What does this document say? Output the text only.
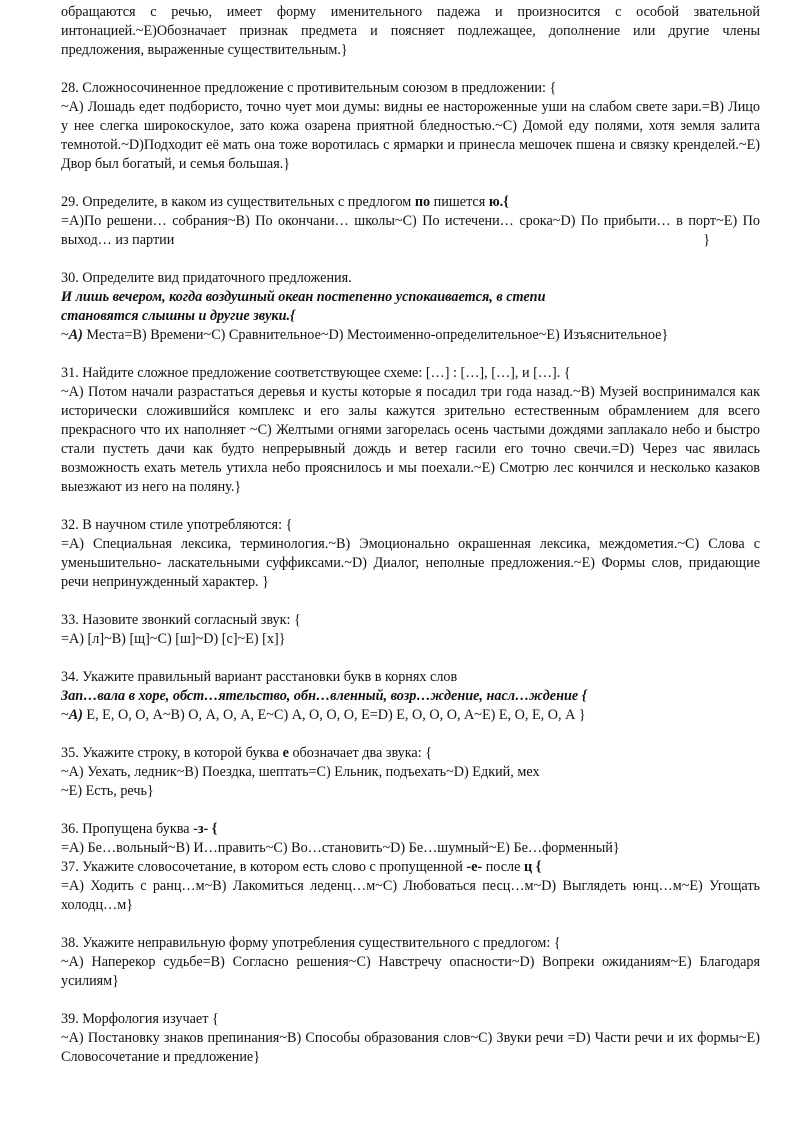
обращаются с речью, имеет форму именительного падежа и произносится с особой звательной интонацией.~E)Обозначает признак предмета и поясняет подлежащее, дополнение или другие члены предложения, выраженные существительным.}

28. Сложносочиненное предложение с противительным союзом в предложении: {

~A) Лошадь едет подбористо, точно чует мои думы: видны ее настороженные уши на слабом свете зари.=B) Лицо у нее слегка широкоскулое, зато кожа озарена приятной бледностью.~C) Домой еду полями, хотя земля залита темнотой.~D)Подходит её мать она тоже воротилась с ярмарки и принесла мешочек пшена и связку кренделей.~E) Двор был богатый, и семья большая.}

29. Определите, в каком из существительных с предлогом по пишется ю.{

=A)По решени… собрания~B) По окончани… школы~C) По истечени… срока~D) По прибыти… в порт~E) По выход… из партии	}

30. Определите вид придаточного предложения.

И лишь вечером, когда воздушный океан постепенно успокаивается, в степи

становятся слышны и другие звуки.{

~A) Места=B) Времени~C) Сравнительное~D) Местоименно-определительное~E) Изъяснительное}

31. Найдите сложное предложение соответствующее схеме: […] : […], […], и […]. {

~A) Потом начали разрастаться деревья и кусты которые я посадил три года назад.~B) Музей воспринимался как исторически сложившийся комплекс и его залы кажутся зрительно естественным обрамлением для всего прекрасного что их наполняет ~C) Желтыми огнями загорелась осень частыми дождями заплакало небо и быстро стали пустеть дачи как будто непрерывный дождь и ветер гасили его точно свечи.=D) Через час явилась возможность ехать метель утихла небо прояснилось и мы поехали.~E) Смотрю лес кончился и несколько казаков выезжают из него на поляну.}

32. В научном стиле употребляются: {

=A) Специальная лексика, терминология.~B) Эмоционально окрашенная лексика, междометия.~C) Слова с уменьшительно- ласкательными суффиксами.~D) Диалог, неполные предложения.~E) Формы слов, придающие речи непринужденный характер. }

33. Назовите звонкий согласный звук: {

=A) [л]~B) [щ]~C) [ш]~D) [с]~E) [х]}

34. Укажите правильный вариант расстановки букв в корнях слов

Зап…вала в хоре, обст…ятельство, обн…вленный, возр…ждение, насл…ждение {

~A) Е, Е, О, О, А~B) О, А, О, А, Е~C) А, О, О, О, Е=D) Е, О, О, О, А~E) Е, О, Е, О, А }

35. Укажите строку, в которой буква е обозначает два звука: {

~A) Уехать, ледник~B) Поездка, шептать=C) Ельник, подъехать~D) Едкий, мех

~E) Есть, речь}

36. Пропущена буква -з- {

=A) Бе…вольный~B) И…править~C) Во…становить~D) Бе…шумный~E) Бе…форменный}

37. Укажите словосочетание, в котором есть слово с пропущенной -е- после ц {

=A) Ходить с ранц…м~B) Лакомиться леденц…м~C) Любоваться песц…м~D) Выглядеть юнц…м~E) Угощать холодц…м}

38. Укажите неправильную форму употребления существительного с предлогом: {

~A) Наперекор судьбе=B) Согласно решения~C) Навстречу опасности~D) Вопреки ожиданиям~E) Благодаря усилиям}

39. Морфология изучает {

~A) Постановку знаков препинания~B) Способы образования слов~C) Звуки речи =D) Части речи и их формы~E) Словосочетание и предложение}
